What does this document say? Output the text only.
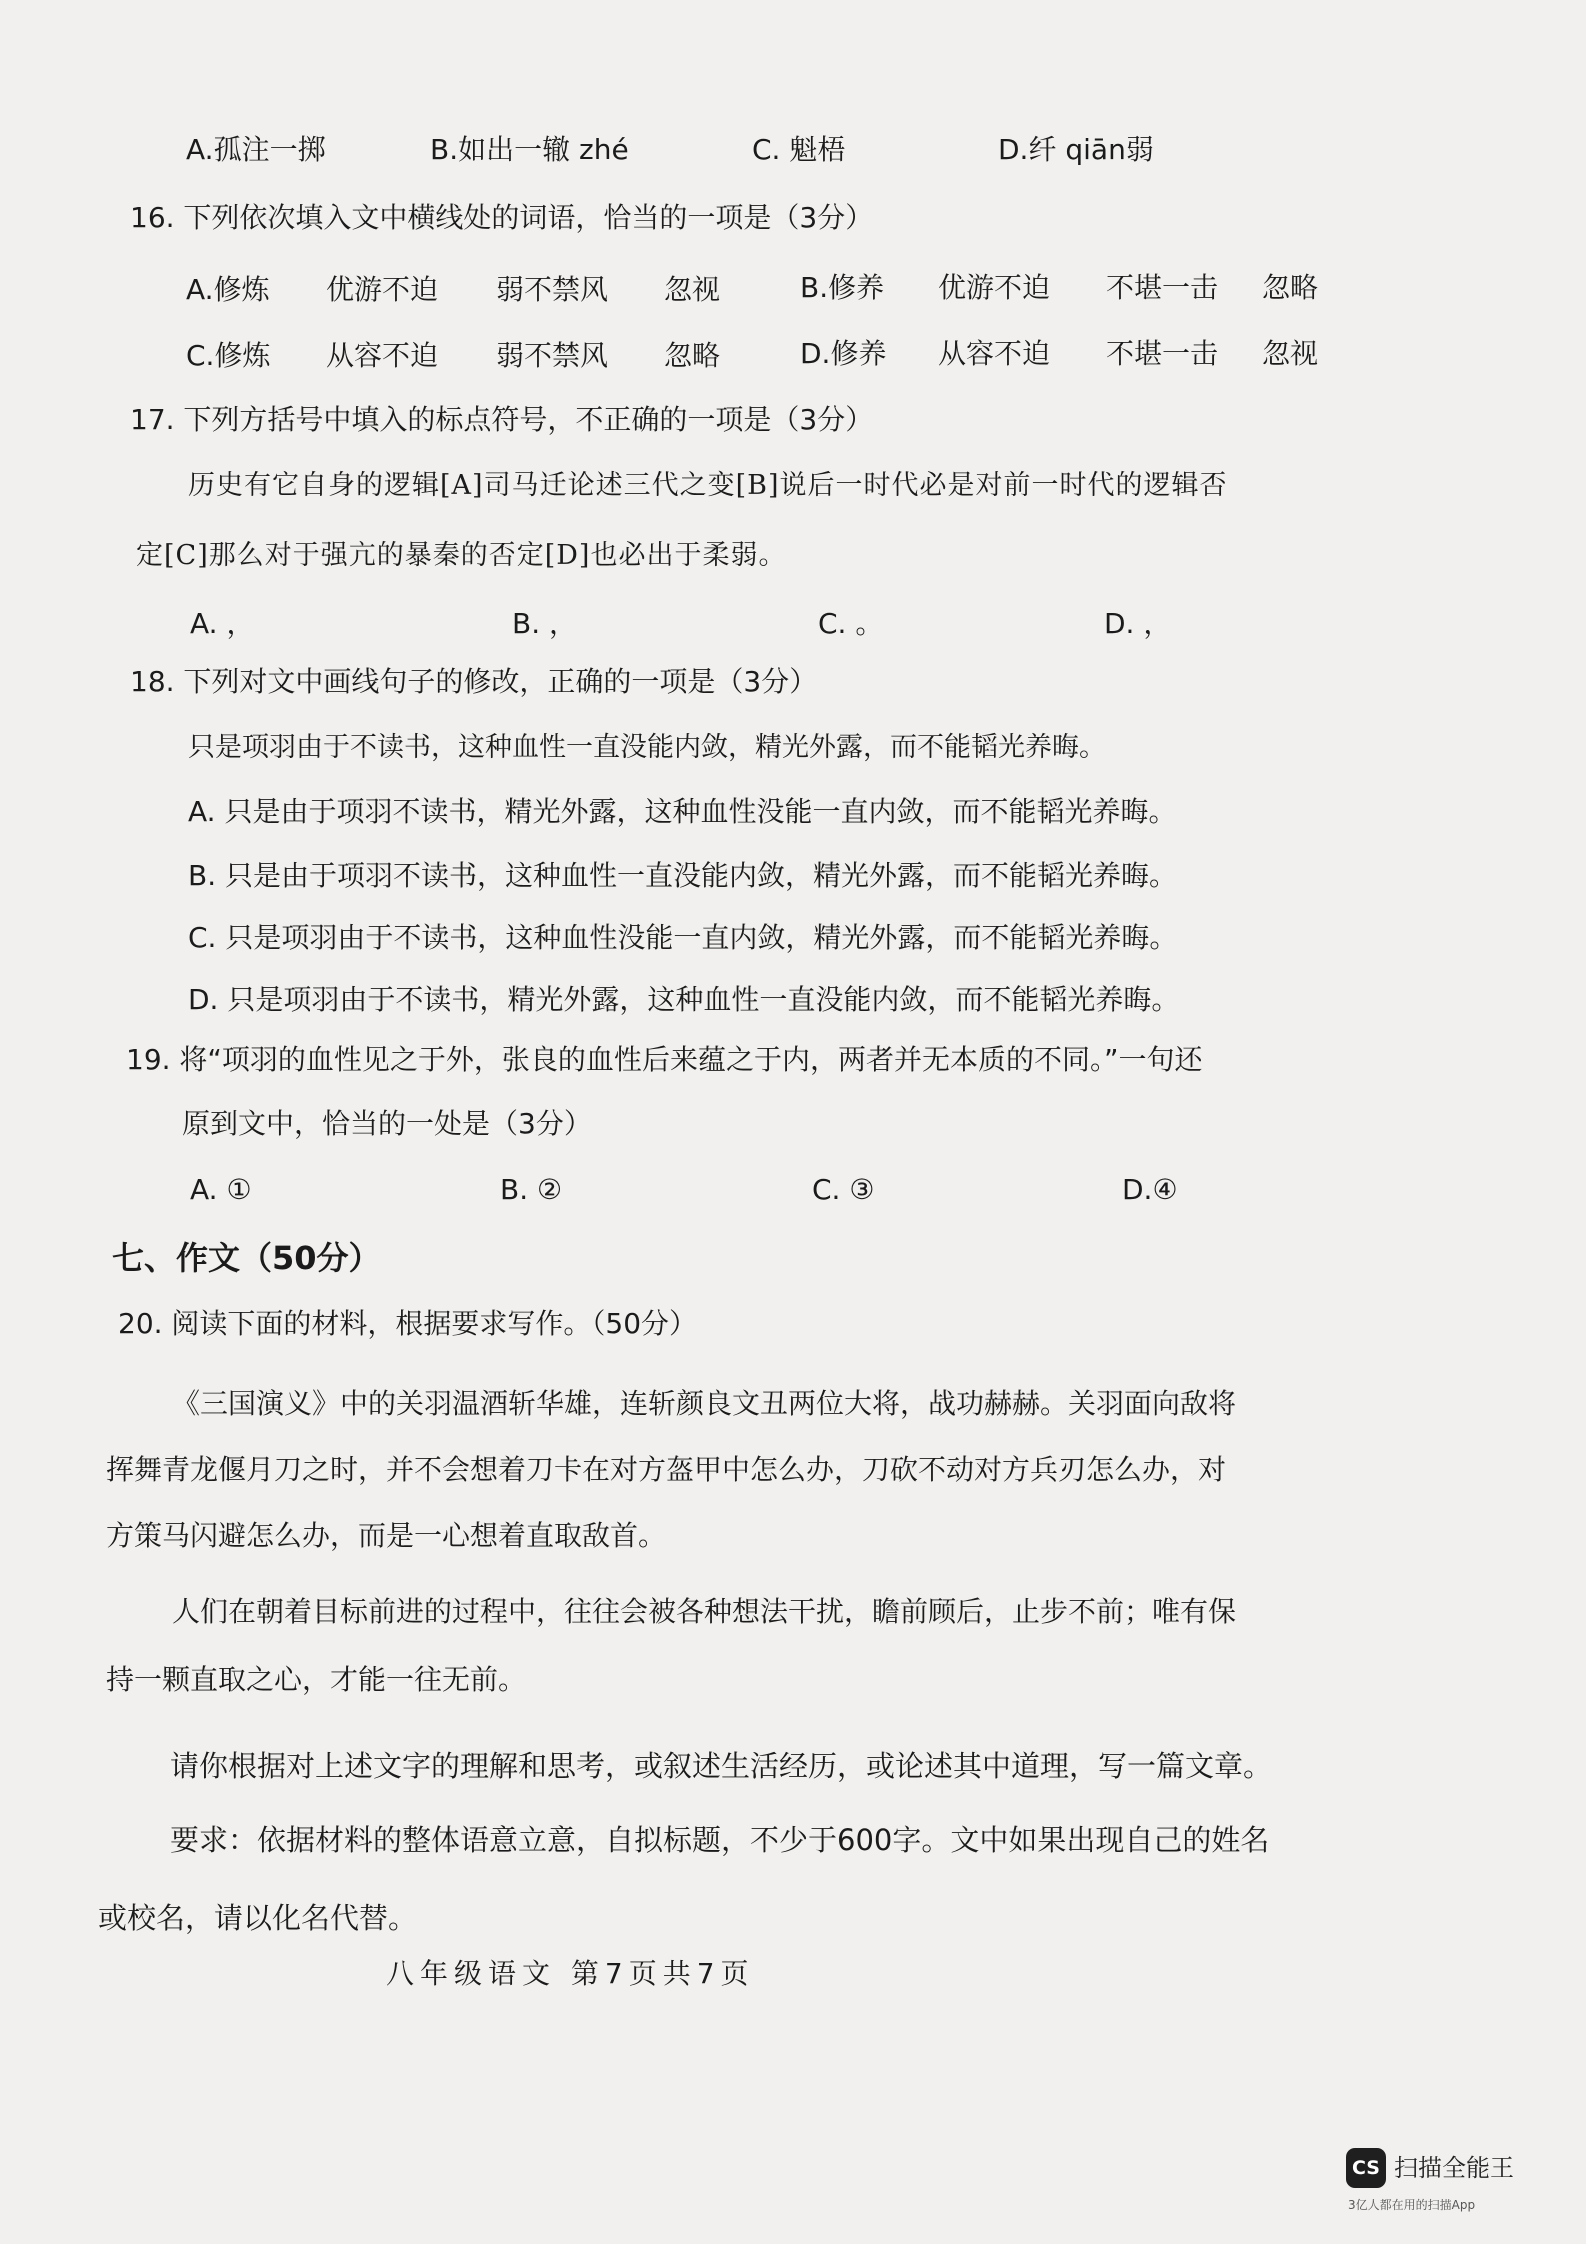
A.孤注一掷	B.如出一辙 zhé	C. 魁梧	D.纤 qiān弱
16. 下列依次填入文中横线处的词语，恰当的一项是（3分）
A.修炼 优游不迫 弱不禁风 忽视	B.修养 优游不迫 不堪一击 忽略
C.修炼 从容不迫 弱不禁风 忽略	D.修养 从容不迫 不堪一击 忽视
17. 下列方括号中填入的标点符号，不正确的一项是（3分）
历史有它自身的逻辑[A]司马迁论述三代之变[B]说后一时代必是对前一时代的逻辑否
定[C]那么对于强亢的暴秦的否定[D]也必出于柔弱。
A. ，	B. ，	C. 。	D. ，
18. 下列对文中画线句子的修改，正确的一项是（3分）
只是项羽由于不读书，这种血性一直没能内敛，精光外露，而不能韬光养晦。
A. 只是由于项羽不读书，精光外露，这种血性没能一直内敛，而不能韬光养晦。
B. 只是由于项羽不读书，这种血性一直没能内敛，精光外露，而不能韬光养晦。
C. 只是项羽由于不读书，这种血性没能一直内敛，精光外露，而不能韬光养晦。
D. 只是项羽由于不读书，精光外露，这种血性一直没能内敛，而不能韬光养晦。
19. 将“项羽的血性见之于外，张良的血性后来蕴之于内，两者并无本质的不同。”一句还
原到文中，恰当的一处是（3分）
A. ①	B. ②	C. ③	D.④
七、作文（50分）
20. 阅读下面的材料，根据要求写作。（50分）
《三国演义》中的关羽温酒斩华雄，连斩颜良文丑两位大将，战功赫赫。关羽面向敌将
挥舞青龙偃月刀之时，并不会想着刀卡在对方盔甲中怎么办，刀砍不动对方兵刃怎么办，对
方策马闪避怎么办，而是一心想着直取敌首。
人们在朝着目标前进的过程中，往往会被各种想法干扰，瞻前顾后，止步不前；唯有保
持一颗直取之心，才能一往无前。
请你根据对上述文字的理解和思考，或叙述生活经历，或论述其中道理，写一篇文章。
要求：依据材料的整体语意立意，自拟标题，不少于600字。文中如果出现自己的姓名
或校名，请以化名代替。
八年级语文 第7页共7页
CS 扫描全能王
3亿人都在用的扫描App
